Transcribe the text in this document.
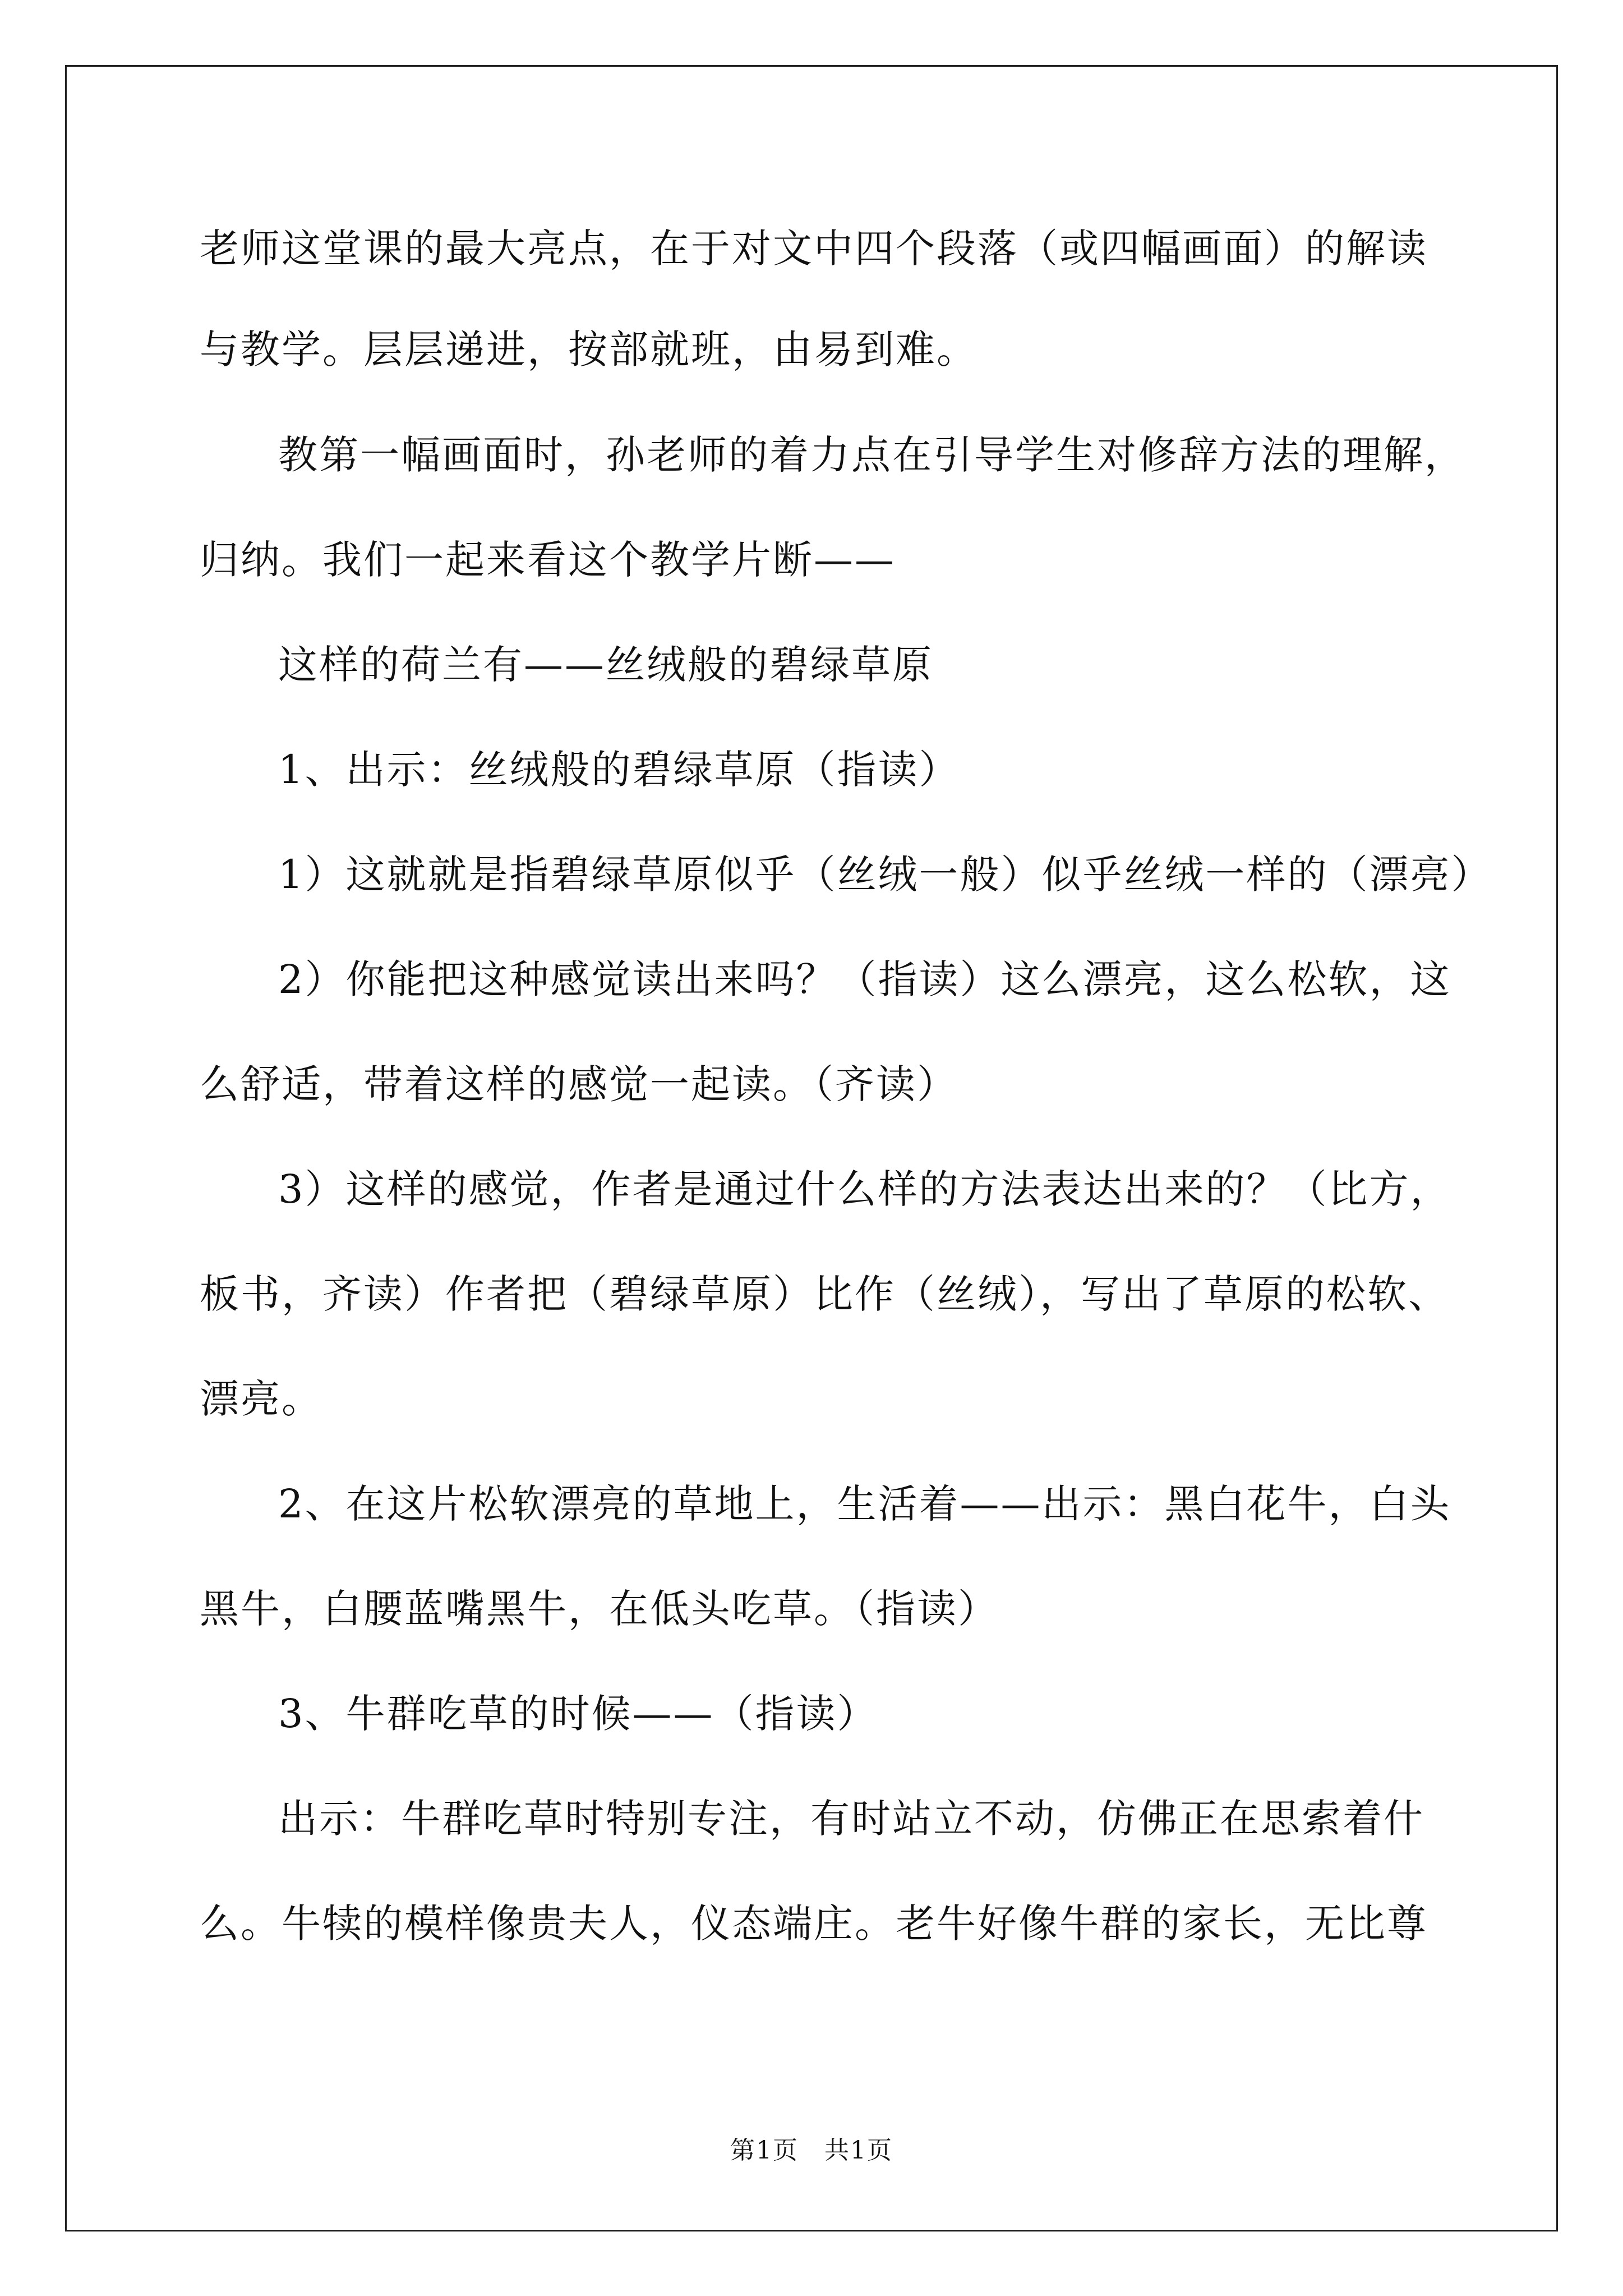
老师这堂课的最大亮点，在于对文中四个段落（或四幅画面）的解读
与教学。层层递进，按部就班，由易到难。
教第一幅画面时，孙老师的着力点在引导学生对修辞方法的理解，
归纳。我们一起来看这个教学片断——
这样的荷兰有——丝绒般的碧绿草原
1、出示：丝绒般的碧绿草原（指读）
1）这就就是指碧绿草原似乎（丝绒一般）似乎丝绒一样的（漂亮）
2）你能把这种感觉读出来吗？（指读）这么漂亮，这么松软，这
么舒适，带着这样的感觉一起读。（齐读）
3）这样的感觉，作者是通过什么样的方法表达出来的？（比方，
板书，齐读）作者把（碧绿草原）比作（丝绒），写出了草原的松软、
漂亮。
2、在这片松软漂亮的草地上，生活着——出示：黑白花牛，白头
黑牛，白腰蓝嘴黑牛，在低头吃草。（指读）
3、牛群吃草的时候——（指读）
出示：牛群吃草时特别专注，有时站立不动，仿佛正在思索着什
么。牛犊的模样像贵夫人，仪态端庄。老牛好像牛群的家长，无比尊
第1页　共1页
